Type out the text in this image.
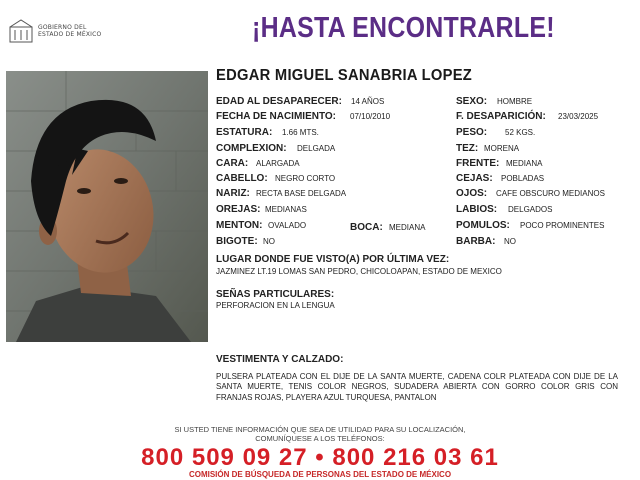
GOBIERNO DEL
ESTADO DE MÉXICO	¡HASTA ENCONTRARLE!
EDGAR MIGUEL SANABRIA LOPEZ
EDAD AL DESAPARECER: 14 AÑOS
FECHA DE NACIMIENTO: 07/10/2010
ESTATURA: 1.66 MTS.
COMPLEXION: DELGADA
CARA: ALARGADA
CABELLO: NEGRO CORTO
NARIZ: RECTA BASE DELGADA
OREJAS: MEDIANAS
MENTON: OVALADO
BIGOTE: NO
BOCA: MEDIANA
SEXO: HOMBRE
F. DESAPARICIÓN: 23/03/2025
PESO: 52 KGS.
TEZ: MORENA
FRENTE: MEDIANA
CEJAS: POBLADAS
OJOS: CAFE OBSCURO MEDIANOS
LABIOS: DELGADOS
POMULOS: POCO PROMINENTES
BARBA: NO
LUGAR DONDE FUE VISTO(A) POR ÚLTIMA VEZ:
JAZMINEZ LT.19 LOMAS SAN PEDRO, CHICOLOAPAN, ESTADO DE MEXICO
SEÑAS PARTICULARES:
PERFORACION EN LA LENGUA
VESTIMENTA Y CALZADO:
PULSERA PLATEADA CON EL DIJE DE LA SANTA MUERTE, CADENA COLR PLATEADA CON DIJE DE LA SANTA MUERTE, TENIS COLOR NEGROS, SUDADERA ABIERTA CON GORRO COLOR GRIS CON FRANJAS ROJAS, PLAYERA AZUL TURQUESA, PANTALON
SI USTED TIENE INFORMACIÓN QUE SEA DE UTILIDAD PARA SU LOCALIZACIÓN,
COMUNÍQUESE A LOS TELÉFONOS:
800 509 09 27 • 800 216 03 61
COMISIÓN DE BÚSQUEDA DE PERSONAS DEL ESTADO DE MÉXICO
